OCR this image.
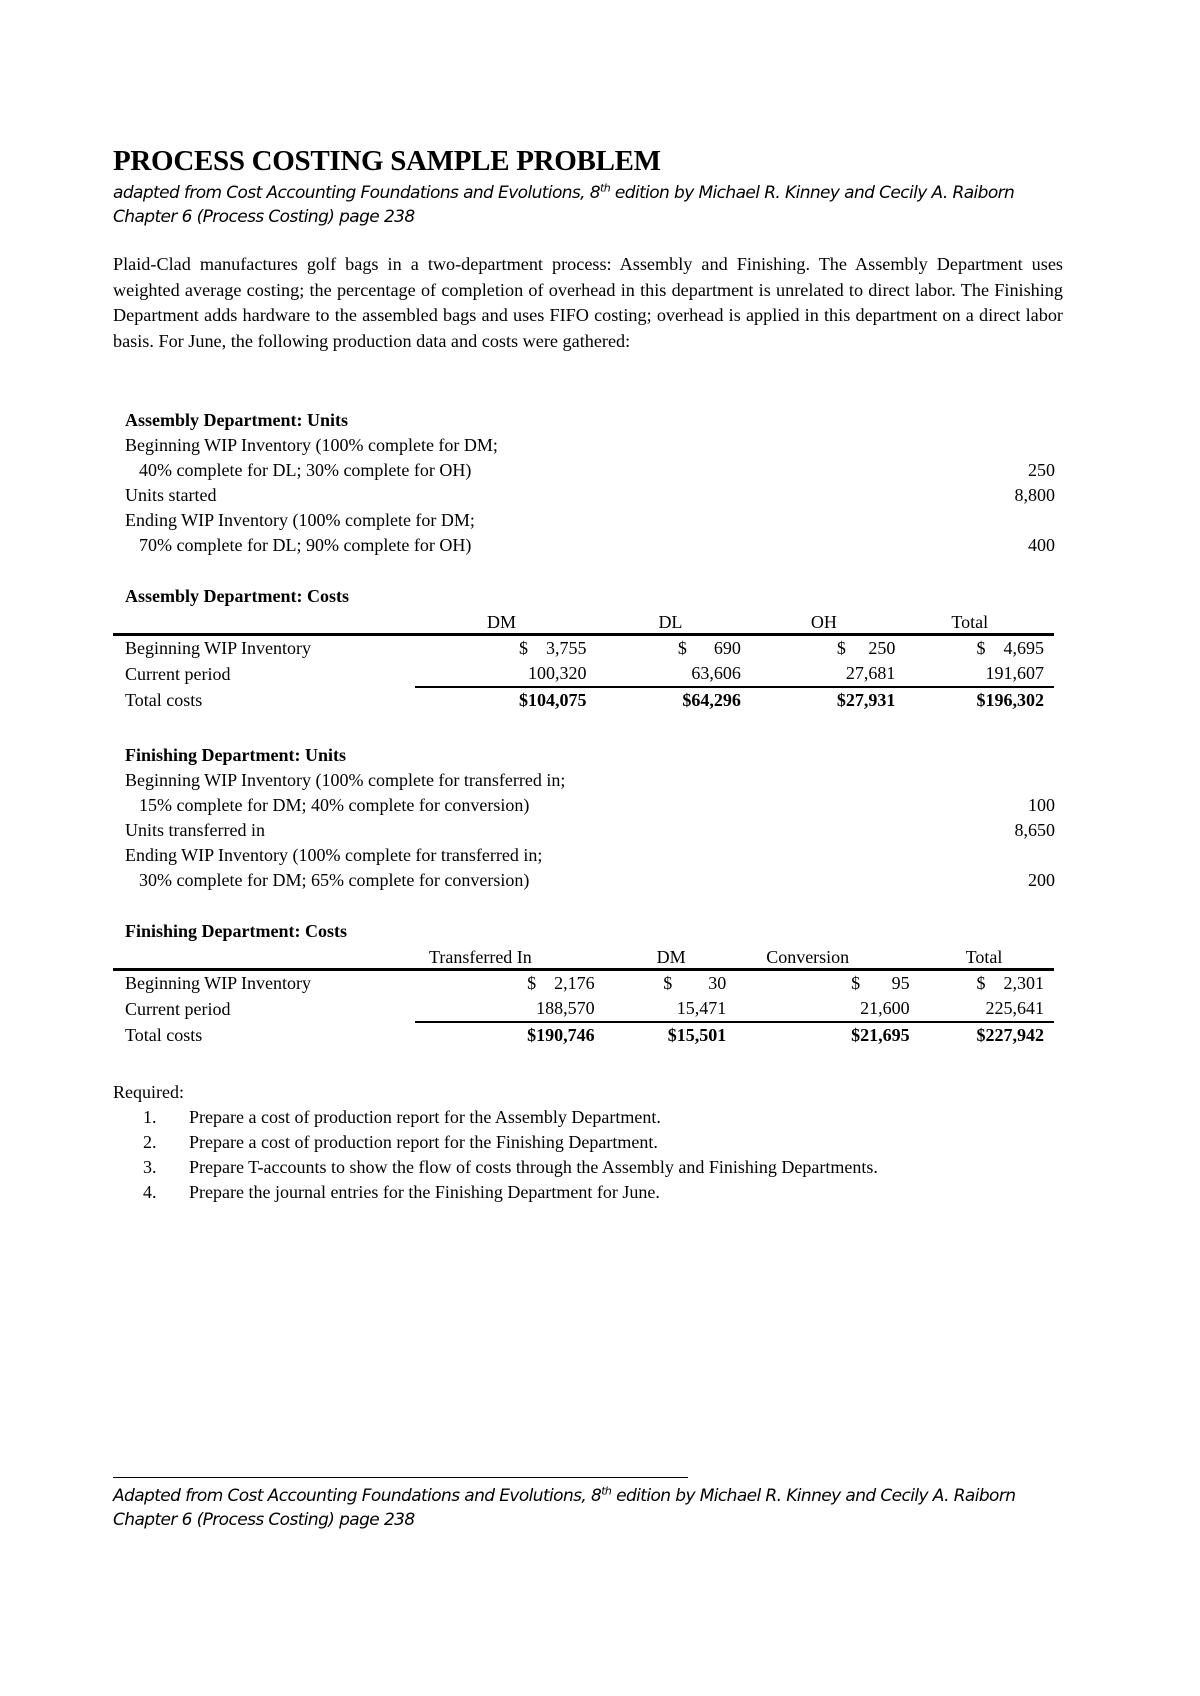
PROCESS COSTING SAMPLE PROBLEM
adapted from Cost Accounting Foundations and Evolutions, 8th edition by Michael R. Kinney and Cecily A. Raiborn
Chapter 6 (Process Costing) page 238
Plaid-Clad manufactures golf bags in a two-department process: Assembly and Finishing. The Assembly Department uses weighted average costing; the percentage of completion of overhead in this department is unrelated to direct labor. The Finishing Department adds hardware to the assembled bags and uses FIFO costing; overhead is applied in this department on a direct labor basis. For June, the following production data and costs were gathered:
Assembly Department: Units
Beginning WIP Inventory (100% complete for DM;
40% complete for DL; 30% complete for OH)	250
Units started	8,800
Ending WIP Inventory (100% complete for DM;
70% complete for DL; 90% complete for OH)	400
Assembly Department: Costs
	DM	DL	OH	Total
Beginning WIP Inventory	$    3,755	$      690	$     250	$    4,695
Current period	100,320	63,606	27,681	191,607
Total costs	$104,075	$64,296	$27,931	$196,302
Finishing Department: Units
Beginning WIP Inventory (100% complete for transferred in;
15% complete for DM; 40% complete for conversion)	100
Units transferred in	8,650
Ending WIP Inventory (100% complete for transferred in;
30% complete for DM; 65% complete for conversion)	200
Finishing Department: Costs
	Transferred In	DM	Conversion	Total
Beginning WIP Inventory	$    2,176	$        30	$       95	$    2,301
Current period	188,570	15,471	21,600	225,641
Total costs	$190,746	$15,501	$21,695	$227,942
Required:
1. Prepare a cost of production report for the Assembly Department.
2. Prepare a cost of production report for the Finishing Department.
3. Prepare T-accounts to show the flow of costs through the Assembly and Finishing Departments.
4. Prepare the journal entries for the Finishing Department for June.
Adapted from Cost Accounting Foundations and Evolutions, 8th edition by Michael R. Kinney and Cecily A. Raiborn
Chapter 6 (Process Costing) page 238
